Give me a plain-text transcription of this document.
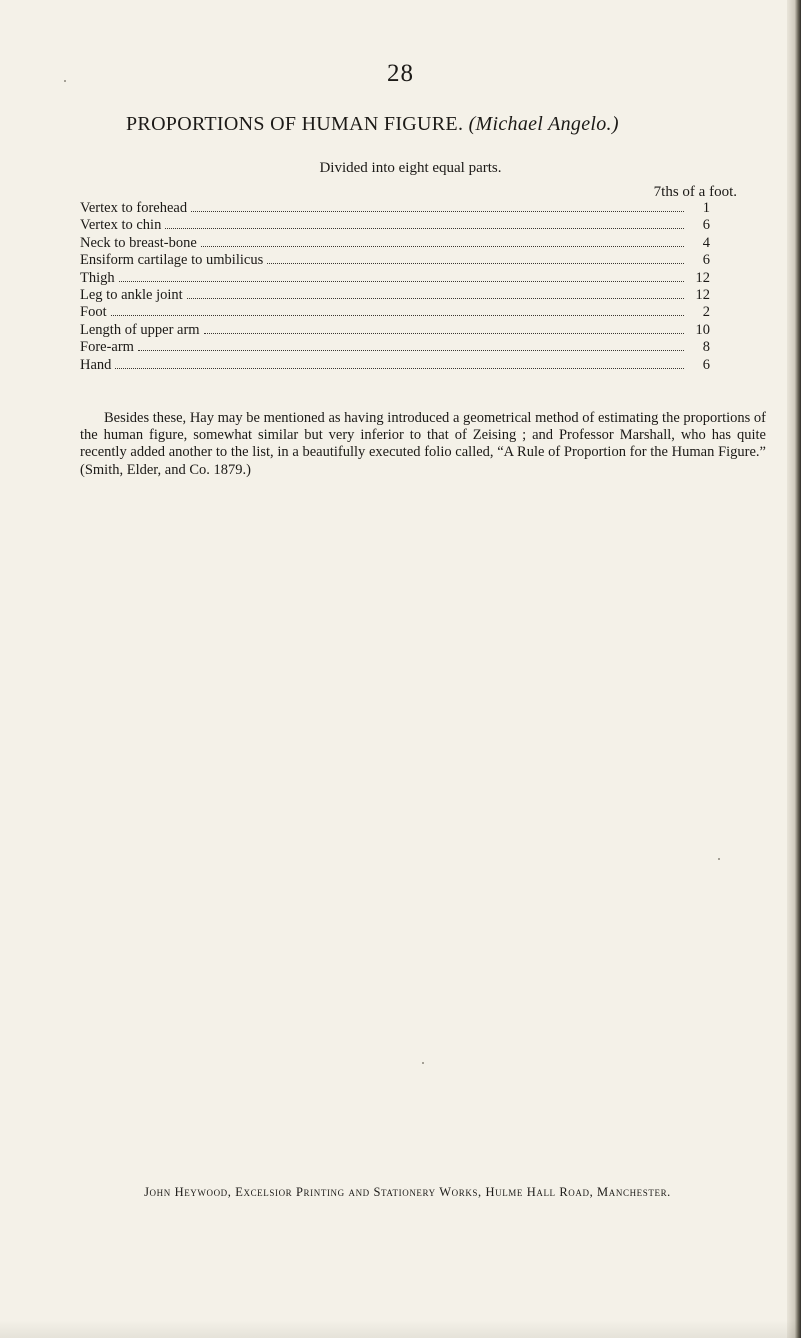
28
PROPORTIONS OF HUMAN FIGURE. (Michael Angelo.)
Divided into eight equal parts.
7ths of a foot.
Vertex to forehead	1
Vertex to chin	6
Neck to breast-bone	4
Ensiform cartilage to umbilicus	6
Thigh	12
Leg to ankle joint	12
Foot	2
Length of upper arm	10
Fore-arm	8
Hand	6

Besides these, Hay may be mentioned as having introduced a geometrical method of estimating the proportions of the human figure, somewhat similar but very inferior to that of Zeising ; and Professor Marshall, who has quite recently added another to the list, in a beautifully executed folio called, “A Rule of Proportion for the Human Figure.” (Smith, Elder, and Co. 1879.)

John Heywood, Excelsior Printing and Stationery Works, Hulme Hall Road, Manchester.
